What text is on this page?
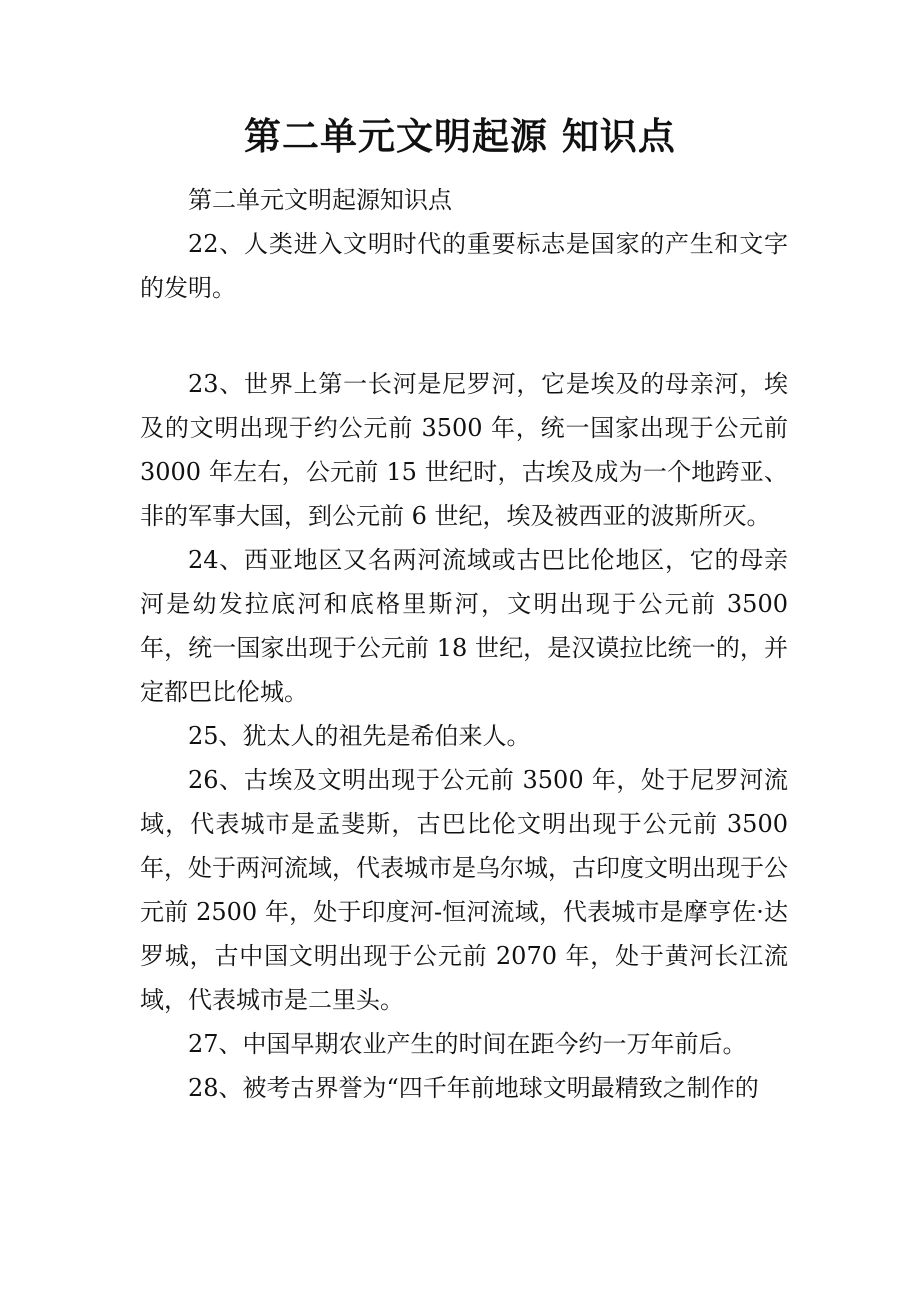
第二单元文明起源 知识点

第二单元文明起源知识点

22、人类进入文明时代的重要标志是国家的产生和文字的发明。

23、世界上第一长河是尼罗河，它是埃及的母亲河，埃及的文明出现于约公元前 3500 年，统一国家出现于公元前 3000 年左右，公元前 15 世纪时，古埃及成为一个地跨亚、非的军事大国，到公元前 6 世纪，埃及被西亚的波斯所灭。

24、西亚地区又名两河流域或古巴比伦地区，它的母亲河是幼发拉底河和底格里斯河，文明出现于公元前 3500 年，统一国家出现于公元前 18 世纪，是汉谟拉比统一的，并定都巴比伦城。

25、犹太人的祖先是希伯来人。

26、古埃及文明出现于公元前 3500 年，处于尼罗河流域，代表城市是孟斐斯，古巴比伦文明出现于公元前 3500 年，处于两河流域，代表城市是乌尔城，古印度文明出现于公元前 2500 年，处于印度河-恒河流域，代表城市是摩亨佐·达罗城，古中国文明出现于公元前 2070 年，处于黄河长江流域，代表城市是二里头。

27、中国早期农业产生的时间在距今约一万年前后。

28、被考古界誉为“四千年前地球文明最精致之制作的
